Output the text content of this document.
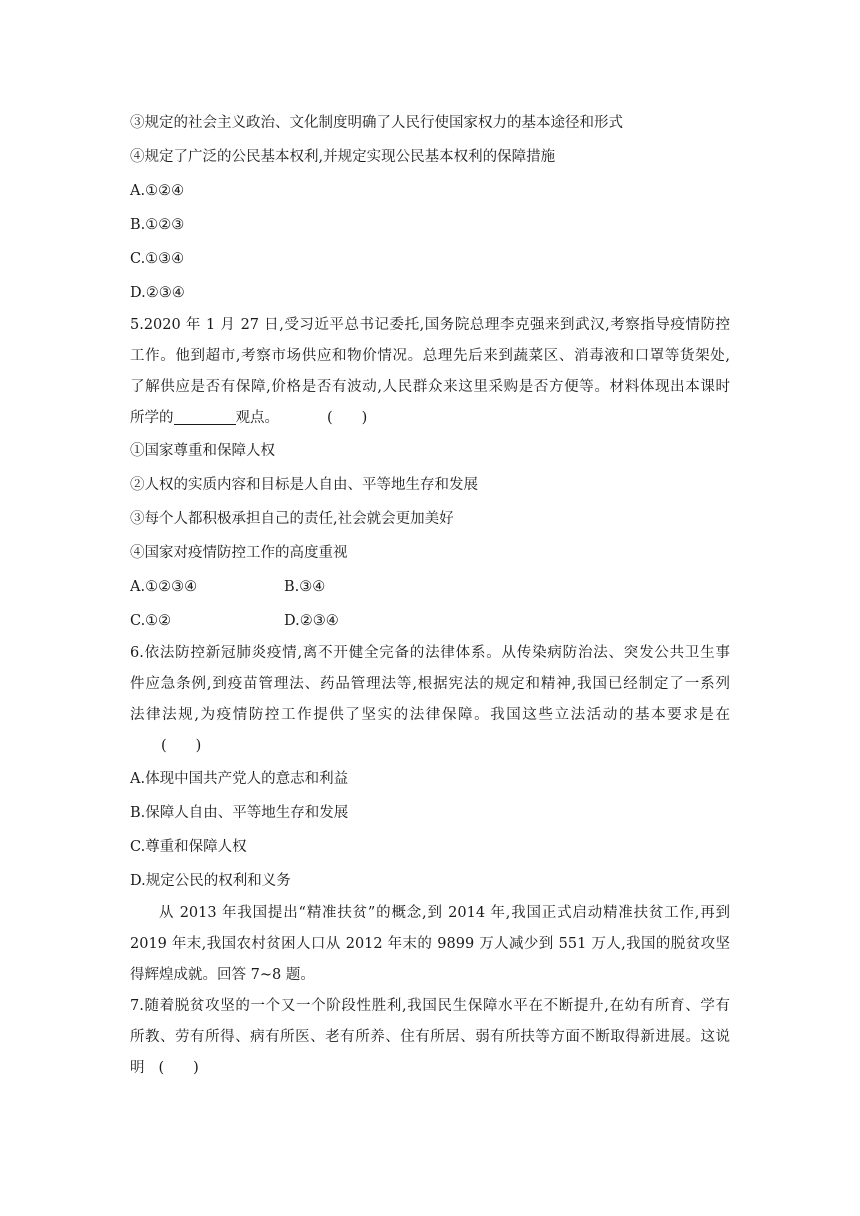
③规定的社会主义政治、文化制度明确了人民行使国家权力的基本途径和形式
④规定了广泛的公民基本权利,并规定实现公民基本权利的保障措施
A.①②④
B.①②③
C.①③④
D.②③④
5.2020 年 1 月 27 日,受习近平总书记委托,国务院总理李克强来到武汉,考察指导疫情防控
工作。他到超市,考察市场供应和物价情况。总理先后来到蔬菜区、消毒液和口罩等货架处,
了解供应是否有保障,价格是否有波动,人民群众来这里采购是否方便等。材料体现出本课时
所学的	观点。	(　　)
①国家尊重和保障人权
②人权的实质内容和目标是人自由、平等地生存和发展
③每个人都积极承担自己的责任,社会就会更加美好
④国家对疫情防控工作的高度重视
A.①②③④	B.③④
C.①②	D.②③④
6.依法防控新冠肺炎疫情,离不开健全完备的法律体系。从传染病防治法、突发公共卫生事
件应急条例,到疫苗管理法、药品管理法等,根据宪法的规定和精神,我国已经制定了一系列
法律法规,为疫情防控工作提供了坚实的法律保障。我国这些立法活动的基本要求是在
(　　)
A.体现中国共产党人的意志和利益
B.保障人自由、平等地生存和发展
C.尊重和保障人权
D.规定公民的权利和义务
从 2013 年我国提出“精准扶贫”的概念,到 2014 年,我国正式启动精准扶贫工作,再到
2019 年末,我国农村贫困人口从 2012 年末的 9899 万人减少到 551 万人,我国的脱贫攻坚
得辉煌成就。回答 7~8 题。
7.随着脱贫攻坚的一个又一个阶段性胜利,我国民生保障水平在不断提升,在幼有所育、学有
所教、劳有所得、病有所医、老有所养、住有所居、弱有所扶等方面不断取得新进展。这说
明 (　　)
